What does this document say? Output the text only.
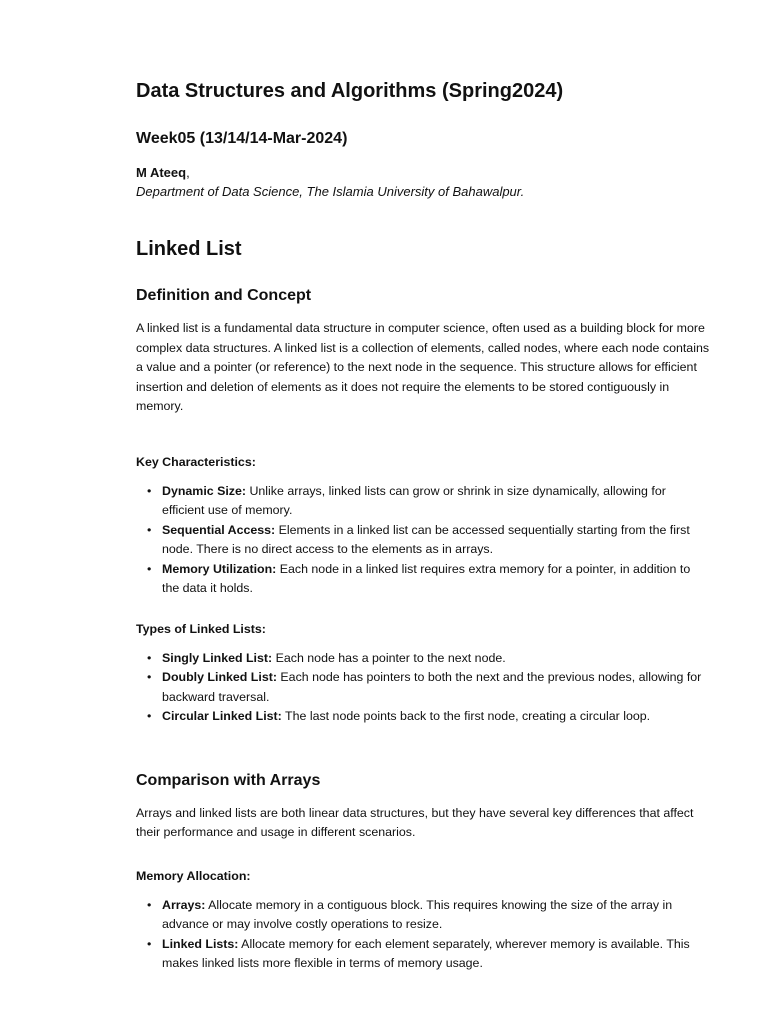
Data Structures and Algorithms (Spring2024)
Week05 (13/14/14-Mar-2024)

M Ateeq,
Department of Data Science, The Islamia University of Bahawalpur.

Linked List
Definition and Concept

A linked list is a fundamental data structure in computer science, often used as a building block for more complex data structures. A linked list is a collection of elements, called nodes, where each node contains a value and a pointer (or reference) to the next node in the sequence. This structure allows for efficient insertion and deletion of elements as it does not require the elements to be stored contiguously in memory.

Key Characteristics:

• Dynamic Size: Unlike arrays, linked lists can grow or shrink in size dynamically, allowing for efficient use of memory.
• Sequential Access: Elements in a linked list can be accessed sequentially starting from the first node. There is no direct access to the elements as in arrays.
• Memory Utilization: Each node in a linked list requires extra memory for a pointer, in addition to the data it holds.

Types of Linked Lists:

• Singly Linked List: Each node has a pointer to the next node.
• Doubly Linked List: Each node has pointers to both the next and the previous nodes, allowing for backward traversal.
• Circular Linked List: The last node points back to the first node, creating a circular loop.
Comparison with Arrays

Arrays and linked lists are both linear data structures, but they have several key differences that affect their performance and usage in different scenarios.

Memory Allocation:

• Arrays: Allocate memory in a contiguous block. This requires knowing the size of the array in advance or may involve costly operations to resize.
• Linked Lists: Allocate memory for each element separately, wherever memory is available. This makes linked lists more flexible in terms of memory usage.
